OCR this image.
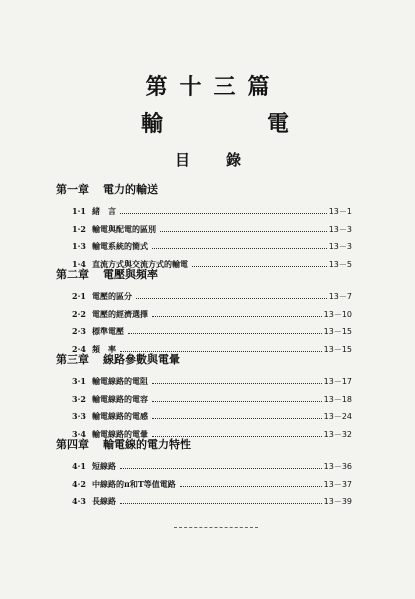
第十三篇
輸	電
目 錄
第一章 電力的輸送
1·1 緒　言	13－1
1·2 輸電與配電的區別	13－3
1·3 輸電系統的簡式	13－3
1·4 直流方式與交流方式的輸電	13－5
第二章 電壓與頻率
2·1 電壓的區分	13－7
2·2 電壓的經濟選擇	13－10
2·3 標準電壓	13－15
2·4 頻　率	13－15
第三章 線路參數與電暈
3·1 輸電線路的電阻	13－17
3·2 輸電線路的電容	13－18
3·3 輸電線路的電感	13－24
3·4 輸電線路的電暈	13－32
第四章 輸電線的電力特性
4·1 短線路	13－36
4·2 中線路的π和T等值電路	13－37
4·3 長線路	13－39
